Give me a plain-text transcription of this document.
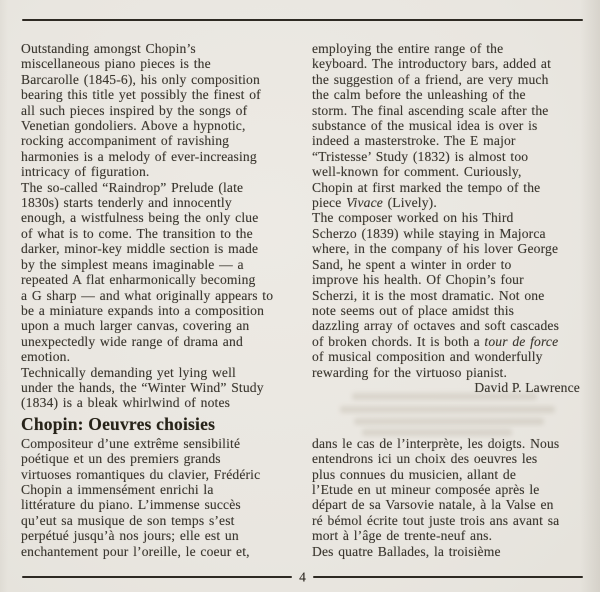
Outstanding amongst Chopin’s
miscellaneous piano pieces is the
Barcarolle (1845-6), his only composition
bearing this title yet possibly the finest of
all such pieces inspired by the songs of
Venetian gondoliers. Above a hypnotic,
rocking accompaniment of ravishing
harmonies is a melody of ever-increasing
intricacy of figuration.
The so-called “Raindrop” Prelude (late
1830s) starts tenderly and innocently
enough, a wistfulness being the only clue
of what is to come. The transition to the
darker, minor-key middle section is made
by the simplest means imaginable — a
repeated A flat enharmonically becoming
a G sharp — and what originally appears to
be a miniature expands into a composition
upon a much larger canvas, covering an
unexpectedly wide range of drama and
emotion.
Technically demanding yet lying well
under the hands, the “Winter Wind” Study
(1834) is a bleak whirlwind of notes
Chopin: Oeuvres choisies
Compositeur d’une extrême sensibilité
poétique et un des premiers grands
virtuoses romantiques du clavier, Frédéric
Chopin a immensément enrichi la
littérature du piano. L’immense succès
qu’eut sa musique de son temps s’est
perpétué jusqu’à nos jours; elle est un
enchantement pour l’oreille, le coeur et,
employing the entire range of the
keyboard. The introductory bars, added at
the suggestion of a friend, are very much
the calm before the unleashing of the
storm. The final ascending scale after the
substance of the musical idea is over is
indeed a masterstroke. The E major
“Tristesse’ Study (1832) is almost too
well-known for comment. Curiously,
Chopin at first marked the tempo of the
piece Vivace (Lively).
The composer worked on his Third
Scherzo (1839) while staying in Majorca
where, in the company of his lover George
Sand, he spent a winter in order to
improve his health. Of Chopin’s four
Scherzi, it is the most dramatic. Not one
note seems out of place amidst this
dazzling array of octaves and soft cascades
of broken chords. It is both a tour de force
of musical composition and wonderfully
rewarding for the virtuoso pianist.
David P. Lawrence
dans le cas de l’interprète, les doigts. Nous
entendrons ici un choix des oeuvres les
plus connues du musicien, allant de
l’Etude en ut mineur composée après le
départ de sa Varsovie natale, à la Valse en
ré bémol écrite tout juste trois ans avant sa
mort à l’âge de trente-neuf ans.
Des quatre Ballades, la troisième
4
